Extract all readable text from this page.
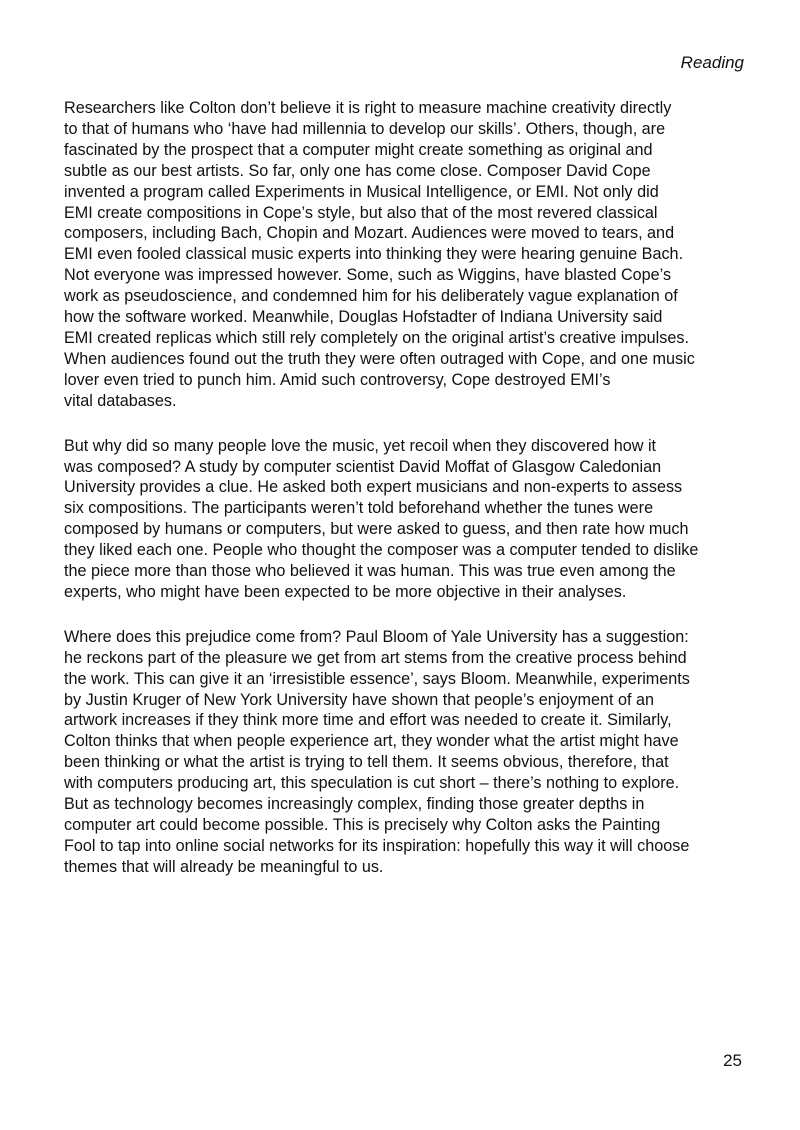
Reading

Researchers like Colton don’t believe it is right to measure machine creativity directly
to that of humans who ‘have had millennia to develop our skills’. Others, though, are
fascinated by the prospect that a computer might create something as original and
subtle as our best artists. So far, only one has come close. Composer David Cope
invented a program called Experiments in Musical Intelligence, or EMI. Not only did
EMI create compositions in Cope’s style, but also that of the most revered classical
composers, including Bach, Chopin and Mozart. Audiences were moved to tears, and
EMI even fooled classical music experts into thinking they were hearing genuine Bach.
Not everyone was impressed however. Some, such as Wiggins, have blasted Cope’s
work as pseudoscience, and condemned him for his deliberately vague explanation of
how the software worked. Meanwhile, Douglas Hofstadter of Indiana University said
EMI created replicas which still rely completely on the original artist’s creative impulses.
When audiences found out the truth they were often outraged with Cope, and one music
lover even tried to punch him. Amid such controversy, Cope destroyed EMI’s
vital databases.

But why did so many people love the music, yet recoil when they discovered how it
was composed? A study by computer scientist David Moffat of Glasgow Caledonian
University provides a clue. He asked both expert musicians and non-experts to assess
six compositions. The participants weren’t told beforehand whether the tunes were
composed by humans or computers, but were asked to guess, and then rate how much
they liked each one. People who thought the composer was a computer tended to dislike
the piece more than those who believed it was human. This was true even among the
experts, who might have been expected to be more objective in their analyses.

Where does this prejudice come from? Paul Bloom of Yale University has a suggestion:
he reckons part of the pleasure we get from art stems from the creative process behind
the work. This can give it an ‘irresistible essence’, says Bloom. Meanwhile, experiments
by Justin Kruger of New York University have shown that people’s enjoyment of an
artwork increases if they think more time and effort was needed to create it. Similarly,
Colton thinks that when people experience art, they wonder what the artist might have
been thinking or what the artist is trying to tell them. It seems obvious, therefore, that
with computers producing art, this speculation is cut short – there’s nothing to explore.
But as technology becomes increasingly complex, finding those greater depths in
computer art could become possible. This is precisely why Colton asks the Painting
Fool to tap into online social networks for its inspiration: hopefully this way it will choose
themes that will already be meaningful to us.

25
